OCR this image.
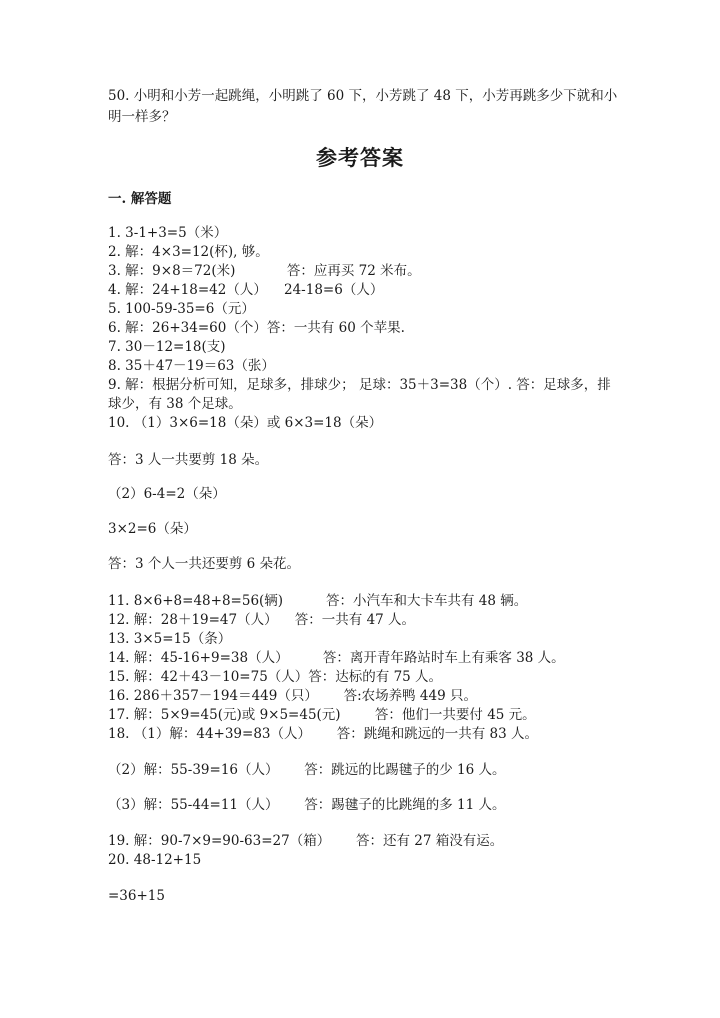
50. 小明和小芳一起跳绳，小明跳了 60 下，小芳跳了 48 下，小芳再跳多少下就和小明一样多？
参考答案
一. 解答题
1. 3-1+3=5（米）
2. 解：4×3=12(杯), 够。
3. 解：9×8＝72(米)            答：应再买 72 米布。
4. 解：24+18=42（人）    24-18=6（人）
5. 100-59-35=6（元）
6. 解：26+34=60（个）答：一共有 60 个苹果.
7. 30－12=18(支)
8. 35＋47－19＝63（张）
9. 解：根据分析可知，足球多，排球少； 足球：35＋3=38（个）. 答：足球多，排球少，有 38 个足球。
10. （1）3×6=18（朵）或 6×3=18（朵）
答：3 人一共要剪 18 朵。
（2）6-4=2（朵）
3×2=6（朵）
答：3 个人一共还要剪 6 朵花。
11. 8×6+8=48+8=56(辆)          答：小汽车和大卡车共有 48 辆。
12. 解：28＋19=47（人）    答：一共有 47 人。
13. 3×5=15（条）
14. 解：45-16+9=38（人）        答：离开青年路站时车上有乘客 38 人。
15. 解：42＋43－10=75（人）答：达标的有 75 人。
16. 286＋357－194＝449（只）      答:农场养鸭 449 只。
17. 解：5×9=45(元)或 9×5=45(元)        答：他们一共要付 45 元。
18. （1）解：44+39=83（人）      答：跳绳和跳远的一共有 83 人。
（2）解：55-39=16（人）      答：跳远的比踢毽子的少 16 人。
（3）解：55-44=11（人）      答：踢毽子的比跳绳的多 11 人。
19. 解：90-7×9=90-63=27（箱）      答：还有 27 箱没有运。
20. 48-12+15
=36+15
